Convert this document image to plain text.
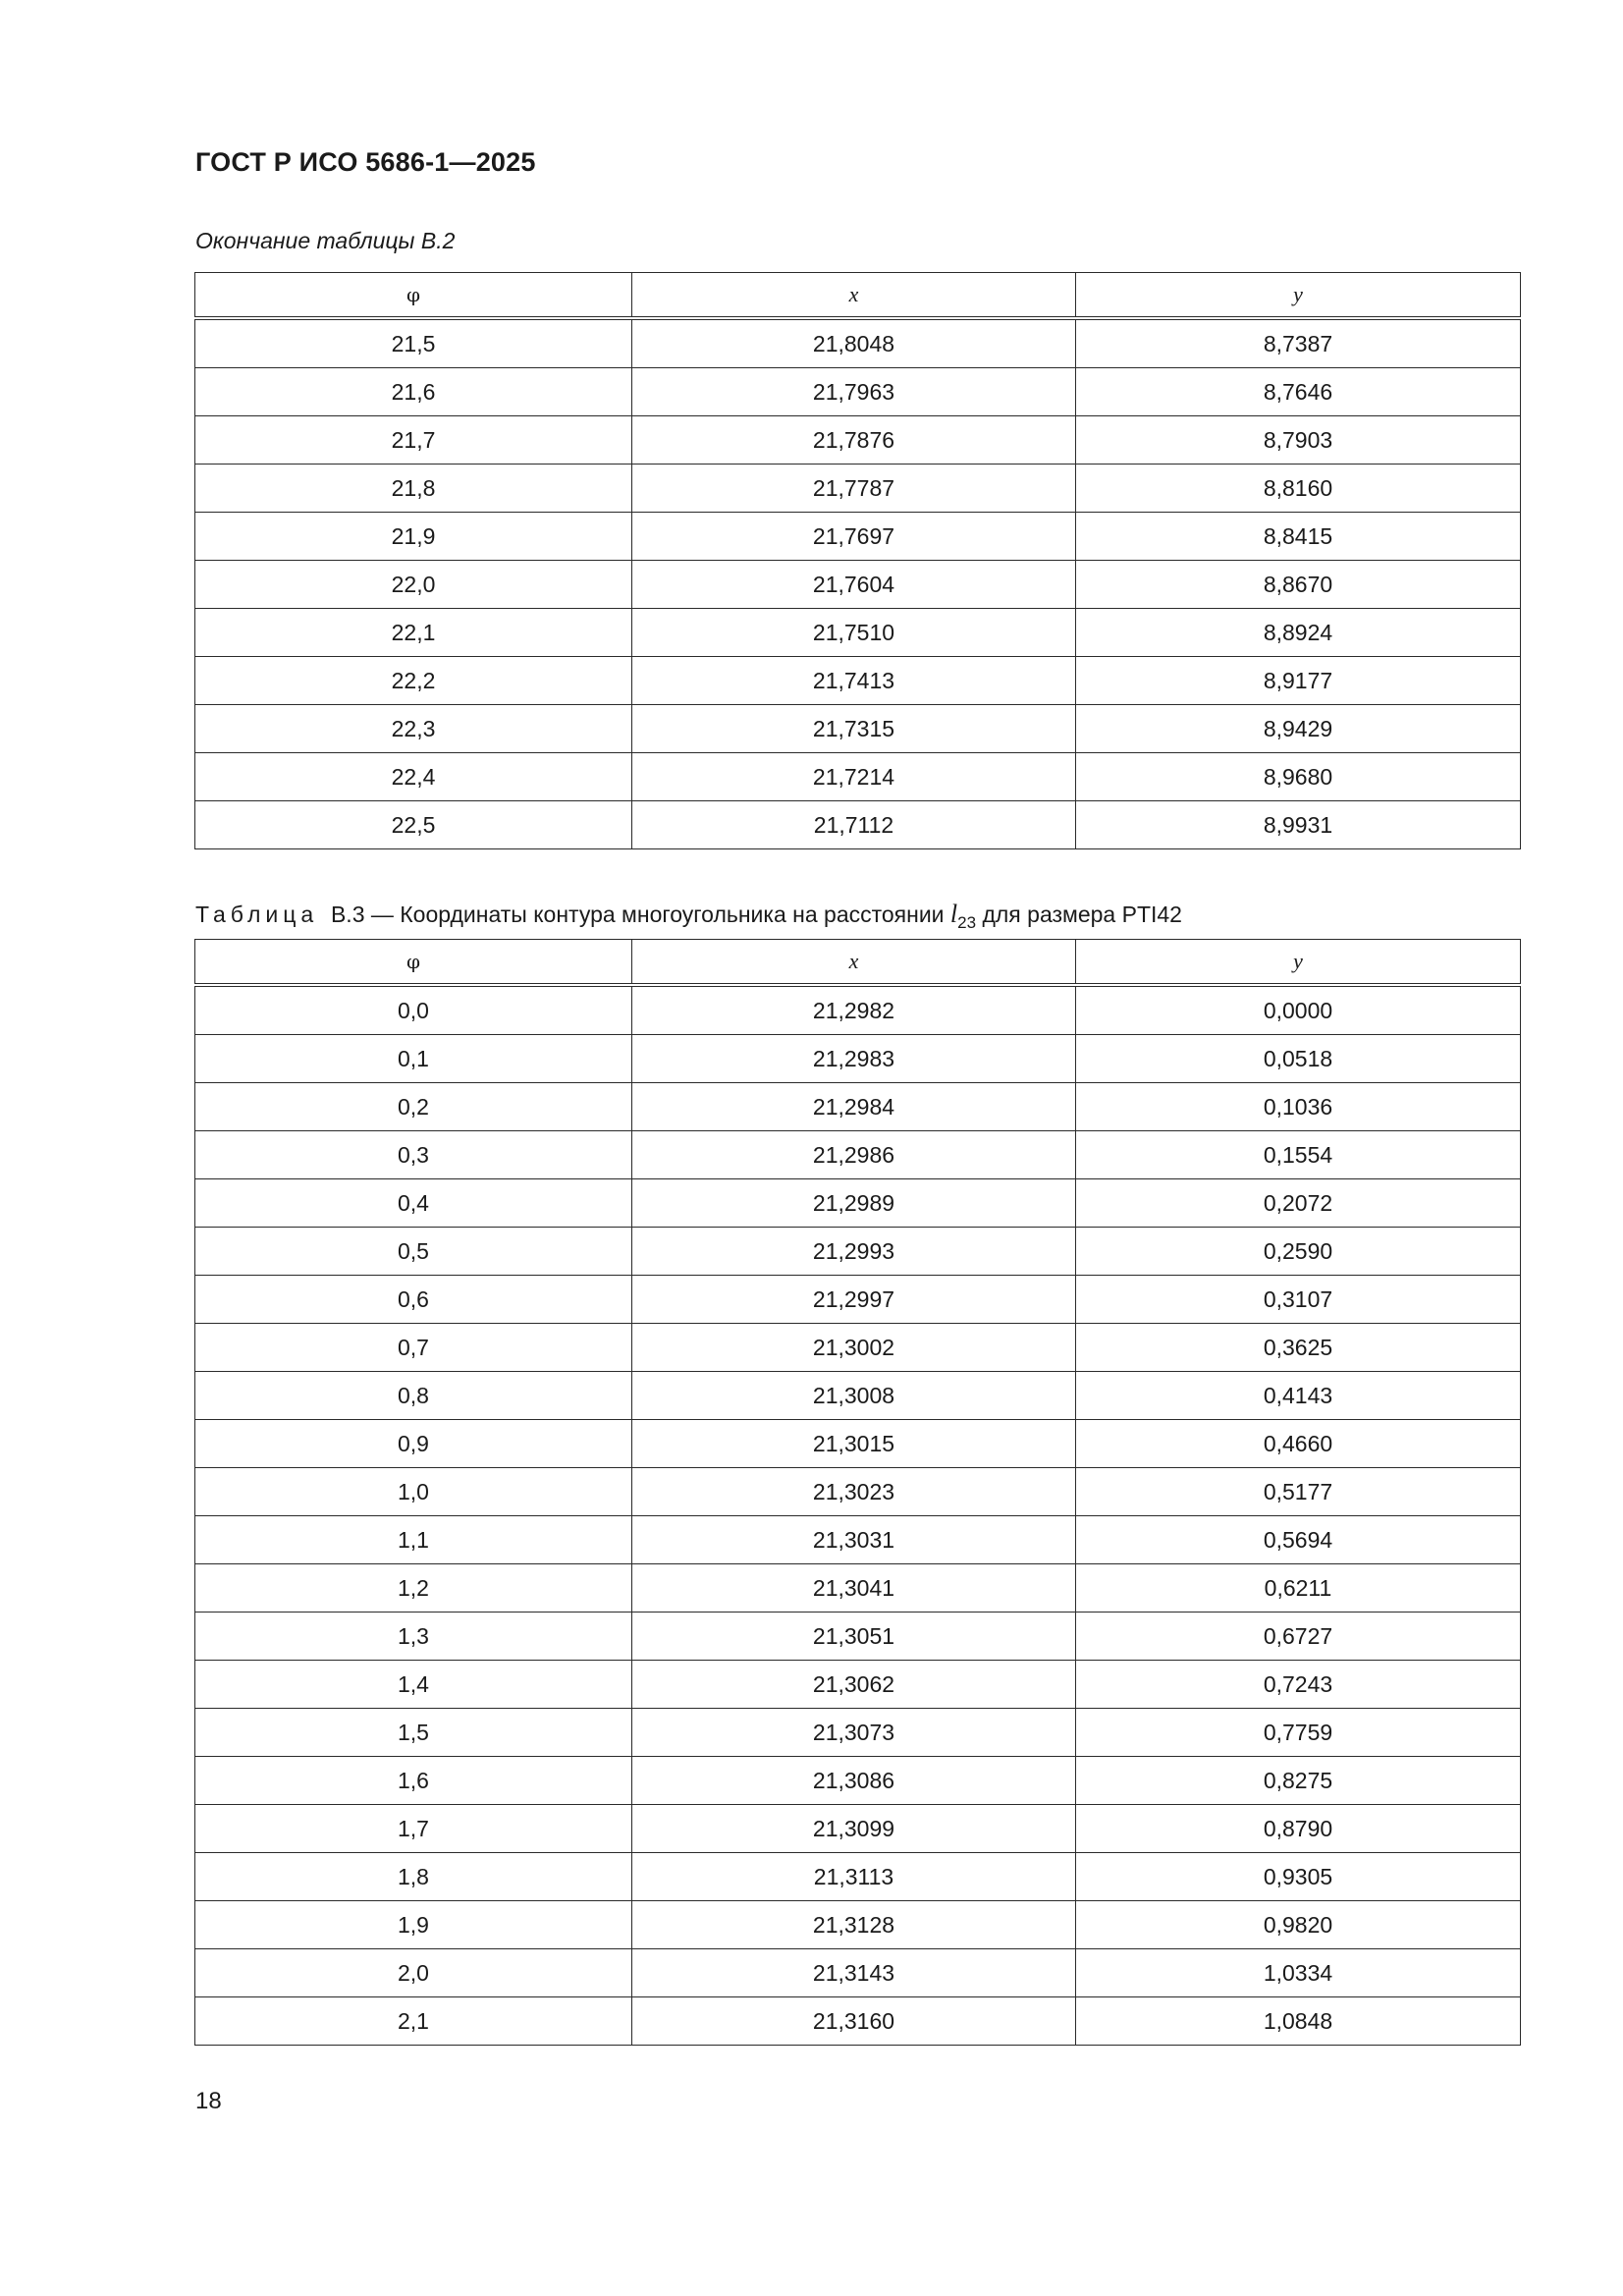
ГОСТ Р ИСО 5686-1—2025
Окончание таблицы В.2
φ	x	y
21,5	21,8048	8,7387
21,6	21,7963	8,7646
21,7	21,7876	8,7903
21,8	21,7787	8,8160
21,9	21,7697	8,8415
22,0	21,7604	8,8670
22,1	21,7510	8,8924
22,2	21,7413	8,9177
22,3	21,7315	8,9429
22,4	21,7214	8,9680
22,5	21,7112	8,9931
Таблица В.3 — Координаты контура многоугольника на расстоянии $l_{23}$ для размера PTI42
φ	x	y
0,0	21,2982	0,0000
0,1	21,2983	0,0518
0,2	21,2984	0,1036
0,3	21,2986	0,1554
0,4	21,2989	0,2072
0,5	21,2993	0,2590
0,6	21,2997	0,3107
0,7	21,3002	0,3625
0,8	21,3008	0,4143
0,9	21,3015	0,4660
1,0	21,3023	0,5177
1,1	21,3031	0,5694
1,2	21,3041	0,6211
1,3	21,3051	0,6727
1,4	21,3062	0,7243
1,5	21,3073	0,7759
1,6	21,3086	0,8275
1,7	21,3099	0,8790
1,8	21,3113	0,9305
1,9	21,3128	0,9820
2,0	21,3143	1,0334
2,1	21,3160	1,0848
18
